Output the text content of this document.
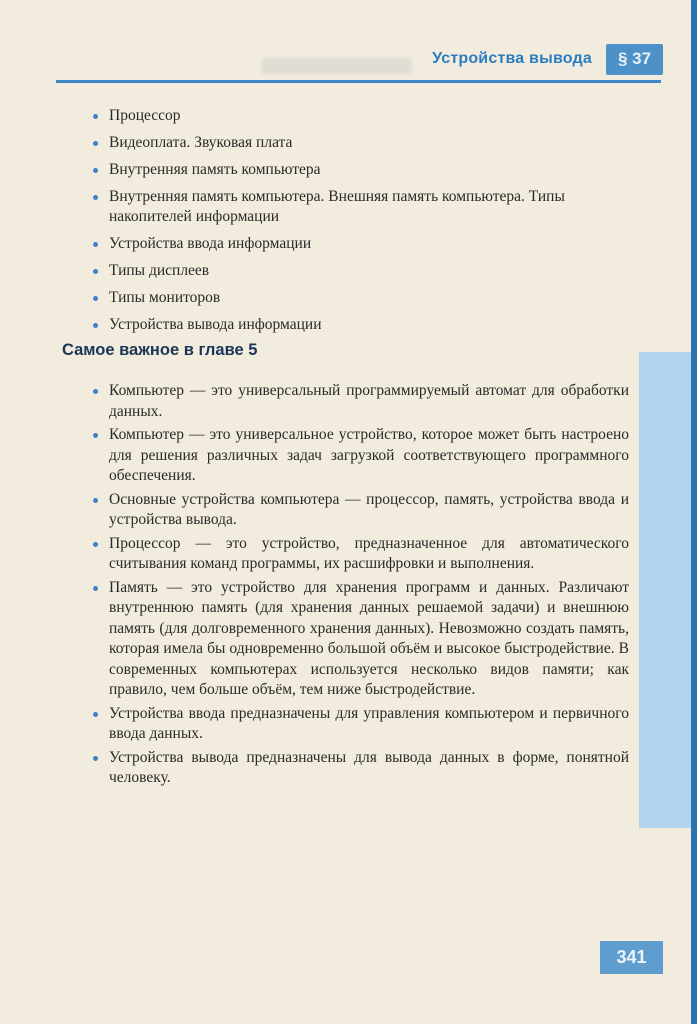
Устройства вывода	§ 37
Процессор
Видеоплата. Звуковая плата
Внутренняя память компьютера
Внутренняя память компьютера. Внешняя память компьютера. Типы накопителей информации
Устройства ввода информации
Типы дисплеев
Типы мониторов
Устройства вывода информации
Самое важное в главе 5
Компьютер — это универсальный программируемый автомат для обработки данных.
Компьютер — это универсальное устройство, которое может быть настроено для решения различных задач загрузкой соответствующего программного обеспечения.
Основные устройства компьютера — процессор, память, устройства ввода и устройства вывода.
Процессор — это устройство, предназначенное для автоматического считывания команд программы, их расшифровки и выполнения.
Память — это устройство для хранения программ и данных. Различают внутреннюю память (для хранения данных решаемой задачи) и внешнюю память (для долговременного хранения данных). Невозможно создать память, которая имела бы одновременно большой объём и высокое быстродействие. В современных компьютерах используется несколько видов памяти; как правило, чем больше объём, тем ниже быстродействие.
Устройства ввода предназначены для управления компьютером и первичного ввода данных.
Устройства вывода предназначены для вывода данных в форме, понятной человеку.
341
